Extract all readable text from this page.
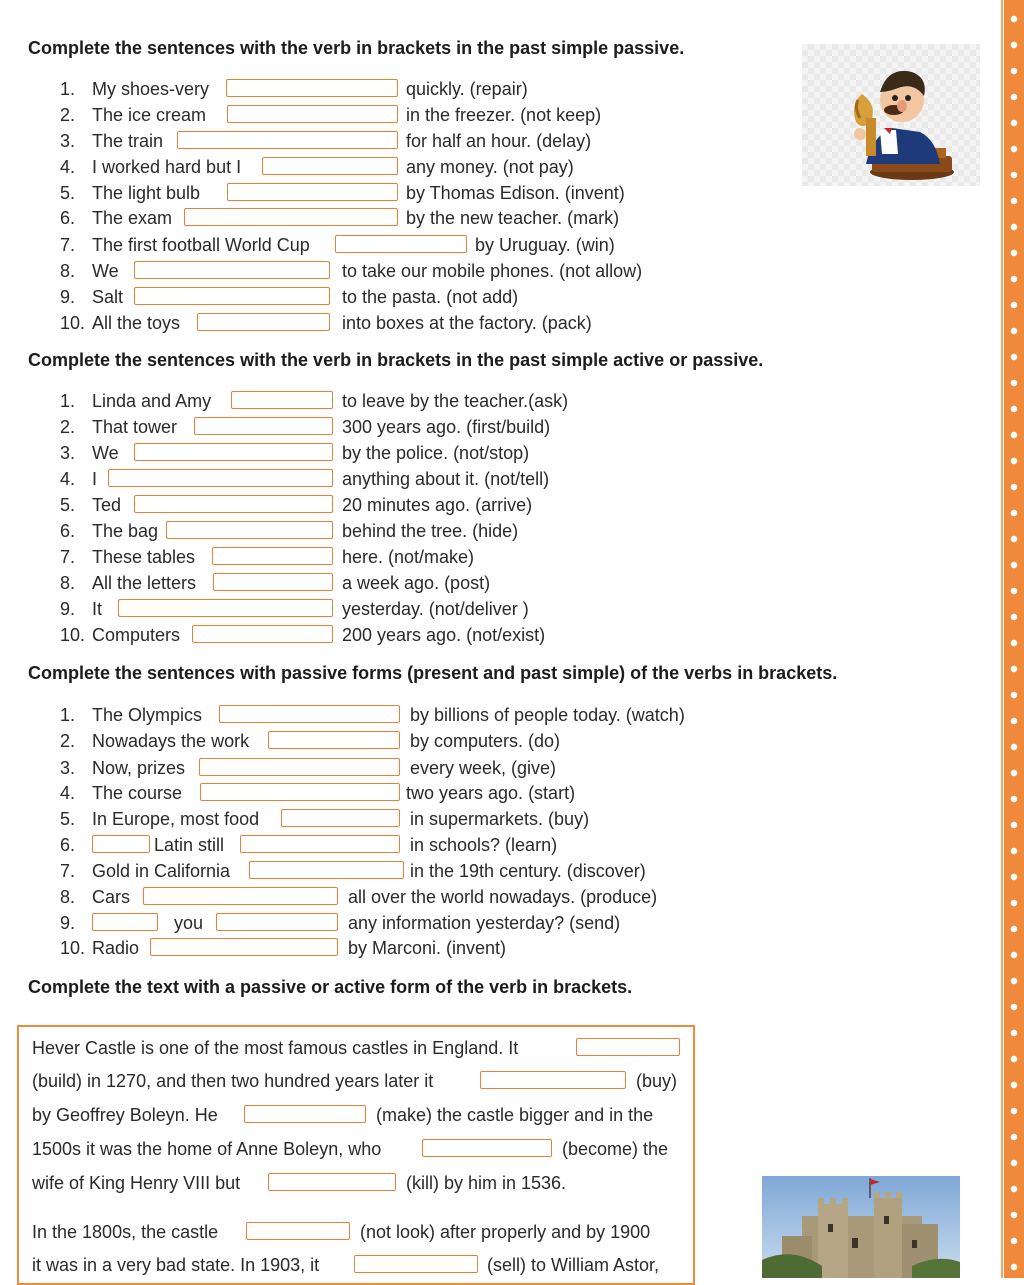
Complete the sentences with the verb in brackets in the past simple passive.
1. My shoes-very	quickly. (repair)
2. The ice cream	in the freezer. (not keep)
3. The train	for half an hour. (delay)
4. I worked hard but I	any money. (not pay)
5. The light bulb	by Thomas Edison. (invent)
6. The exam	by the new teacher. (mark)
7. The first football World Cup	by Uruguay. (win)
8. We	to take our mobile phones. (not allow)
9. Salt	to the pasta. (not add)
10. All the toys	into boxes at the factory. (pack)
Complete the sentences with the verb in brackets in the past simple active or passive.
1. Linda and Amy	to leave by the teacher.(ask)
2. That tower	300 years ago. (first/build)
3. We	by the police. (not/stop)
4. I	anything about it. (not/tell)
5. Ted	20 minutes ago. (arrive)
6. The bag	behind the tree. (hide)
7. These tables	here. (not/make)
8. All the letters	a week ago. (post)
9. It	yesterday. (not/deliver )
10. Computers	200 years ago. (not/exist)
Complete the sentences with passive forms (present and past simple) of the verbs in brackets.
1. The Olympics	by billions of people today. (watch)
2. Nowadays the work	by computers. (do)
3. Now, prizes	every week, (give)
4. The course	two years ago. (start)
5. In Europe, most food	in supermarkets. (buy)
6.	Latin still	in schools? (learn)
7. Gold in California	in the 19th century. (discover)
8. Cars	all over the world nowadays. (produce)
9.	you	any information yesterday? (send)
10. Radio	by Marconi. (invent)
Complete the text with a passive or active form of the verb in brackets.
Hever Castle is one of the most famous castles in England. It
(build) in 1270, and then two hundred years later it	(buy)
by Geoffrey Boleyn. He	(make) the castle bigger and in the
1500s it was the home of Anne Boleyn, who	(become) the
wife of King Henry VIII but	(kill) by him in 1536.
In the 1800s, the castle	(not look) after properly and by 1900
it was in a very bad state. In 1903, it	(sell) to William Astor,
